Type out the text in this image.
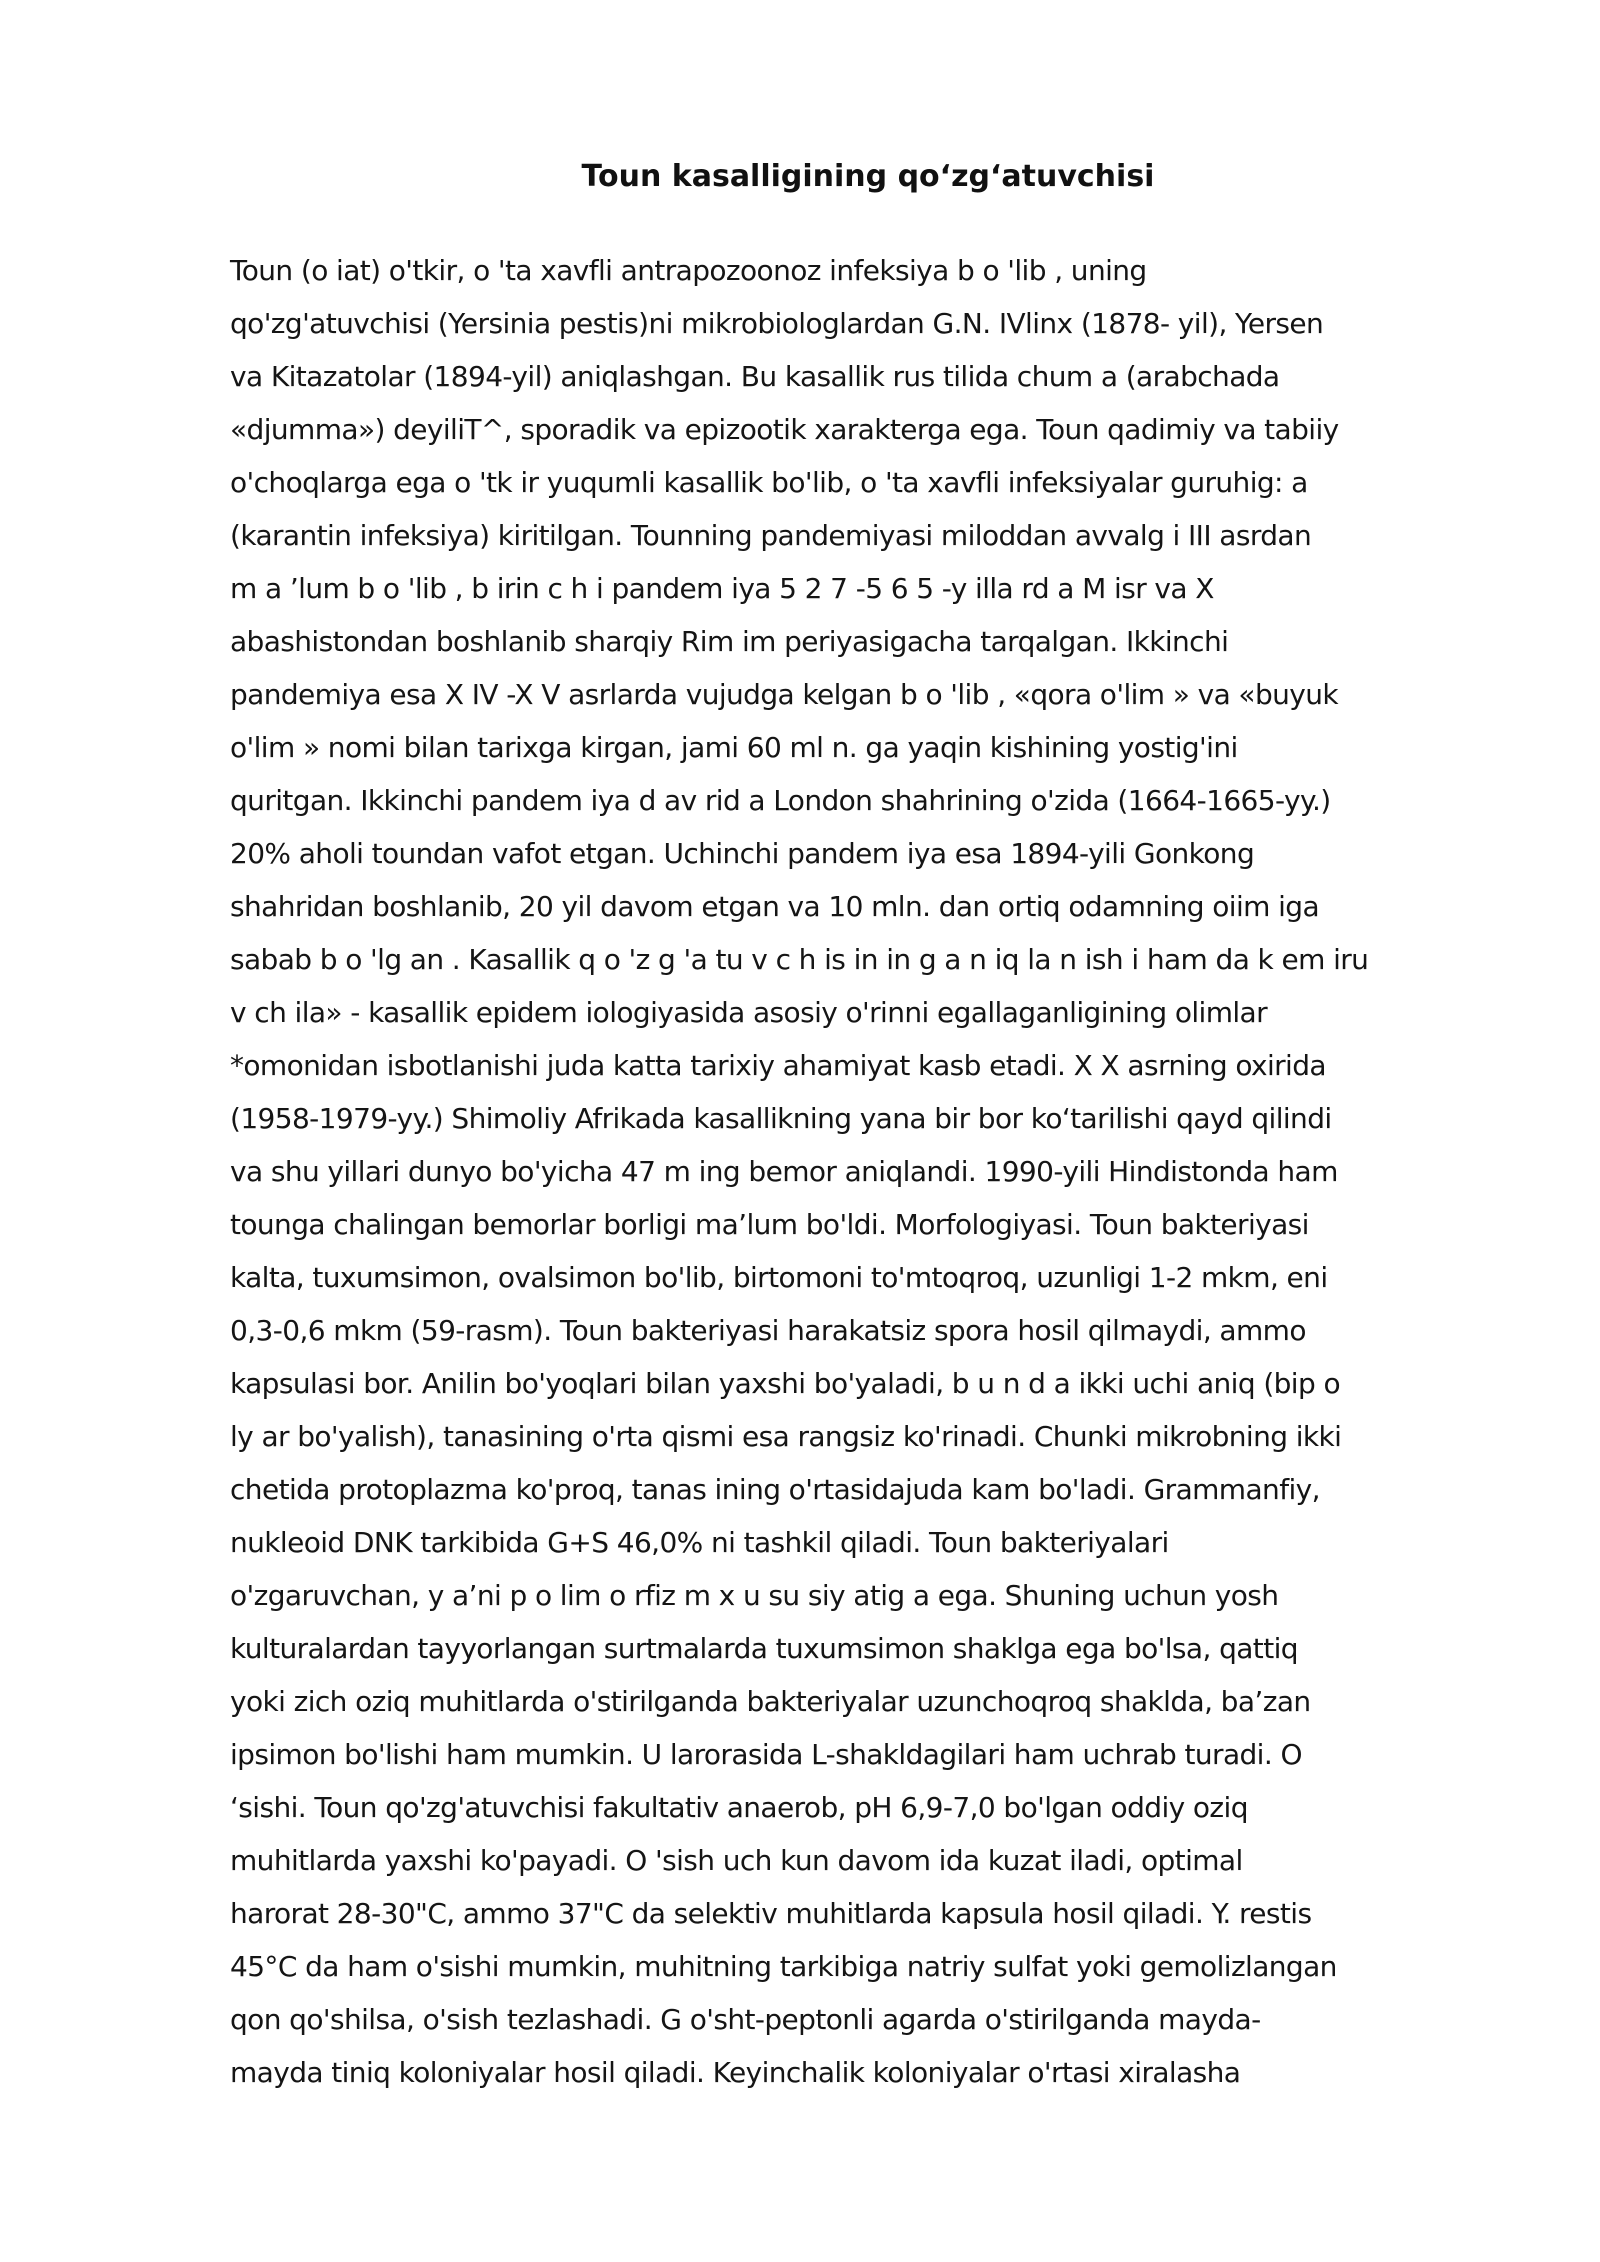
Toun kasalligining qo‘zg‘atuvchisi
Toun (o iat) o'tkir, o 'ta xavfli antrapozoonoz infeksiya b o 'lib , uning
qo'zg'atuvchisi (Yersinia pestis)ni mikrobiologlardan G.N. IVlinx (1878- yil), Yersen
va Kitazatolar (1894-yil) aniqlashgan. Bu kasallik rus tilida chum a (arabchada
«djumma») deyiliT^, sporadik va epizootik xarakterga ega. Toun qadimiy va tabiiy
o'choqlarga ega o 'tk ir yuqumli kasallik bo'lib, o 'ta xavfli infeksiyalar guruhig: a
(karantin infeksiya) kiritilgan. Tounning pandemiyasi miloddan avvalg i III asrdan
m a ’lum b o 'lib , b irin c h i pandem iya 5 2 7 -5 6 5 -y illa rd a M isr va X
abashistondan boshlanib sharqiy Rim im periyasigacha tarqalgan. Ikkinchi
pandemiya esa X IV -X V asrlarda vujudga kelgan b o 'lib , «qora o'lim » va «buyuk
o'lim » nomi bilan tarixga kirgan, jami 60 ml n. ga yaqin kishining yostig'ini
quritgan. Ikkinchi pandem iya d av rid a London shahrining o'zida (1664-1665-yy.)
20% aholi toundan vafot etgan. Uchinchi pandem iya esa 1894-yili Gonkong
shahridan boshlanib, 20 yil davom etgan va 10 mln. dan ortiq odamning oiim iga
sabab b o 'lg an . Kasallik q o 'z g 'a tu v c h is in in g a n iq la n ish i ham da k em iru
v ch ila» - kasallik epidem iologiyasida asosiy o'rinni egallaganligining olimlar
*omonidan isbotlanishi juda katta tarixiy ahamiyat kasb etadi. X X asrning oxirida
(1958-1979-yy.) Shimoliy Afrikada kasallikning yana bir bor ko‘tarilishi qayd qilindi
va shu yillari dunyo bo'yicha 47 m ing bemor aniqlandi. 1990-yili Hindistonda ham
tounga chalingan bemorlar borligi ma’lum bo'ldi. Morfologiyasi. Toun bakteriyasi
kalta, tuxumsimon, ovalsimon bo'lib, birtomoni to'mtoqroq, uzunligi 1-2 mkm, eni
0,3-0,6 mkm (59-rasm). Toun bakteriyasi harakatsiz spora hosil qilmaydi, ammo
kapsulasi bor. Anilin bo'yoqlari bilan yaxshi bo'yaladi, b u n d a ikki uchi aniq (bip o
ly ar bo'yalish), tanasining o'rta qismi esa rangsiz ko'rinadi. Chunki mikrobning ikki
chetida protoplazma ko'proq, tanas ining o'rtasidajuda kam bo'ladi. Grammanfiy,
nukleoid DNK tarkibida G+S 46,0% ni tashkil qiladi. Toun bakteriyalari
o'zgaruvchan, y a’ni p o lim o rfiz m x u su siy atig a ega. Shuning uchun yosh
kulturalardan tayyorlangan surtmalarda tuxumsimon shaklga ega bo'lsa, qattiq
yoki zich oziq muhitlarda o'stirilganda bakteriyalar uzunchoqroq shaklda, ba’zan
ipsimon bo'lishi ham mumkin. U larorasida L-shakldagilari ham uchrab turadi. O
‘sishi. Toun qo'zg'atuvchisi fakultativ anaerob, pH 6,9-7,0 bo'lgan oddiy oziq
muhitlarda yaxshi ko'payadi. O 'sish uch kun davom ida kuzat iladi, optimal
harorat 28-30"C, ammo 37"C da selektiv muhitlarda kapsula hosil qiladi. Y. restis
45°C da ham o'sishi mumkin, muhitning tarkibiga natriy sulfat yoki gemolizlangan
qon qo'shilsa, o'sish tezlashadi. G o'sht-peptonli agarda o'stirilganda mayda-
mayda tiniq koloniyalar hosil qiladi. Keyinchalik koloniyalar o'rtasi xiralasha
